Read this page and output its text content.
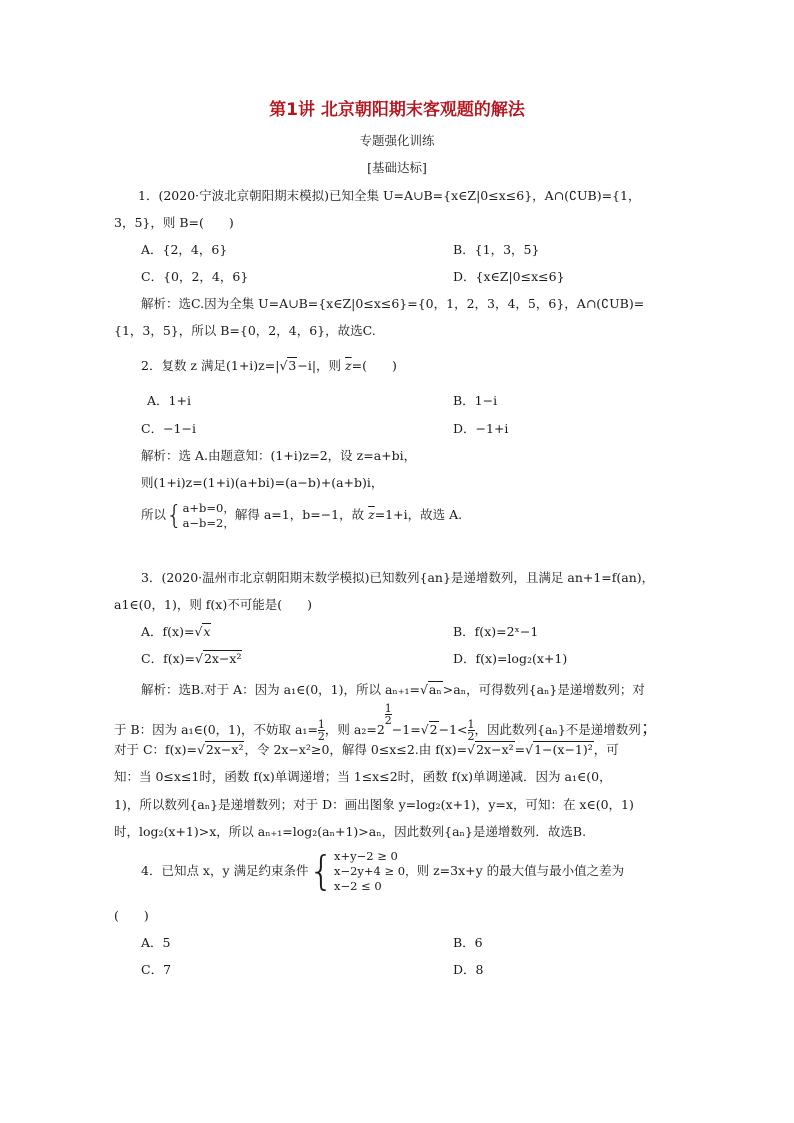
第1讲 北京朝阳期末客观题的解法
专题强化训练
[基础达标]
1．(2020·宁波北京朝阳期末模拟)已知全集 U=A∪B={x∈Z|0≤x≤6}，A∩(∁UB)={1，
3，5}，则 B=(　　)
A．{2，4，6}	B．{1，3，5}
C．{0，2，4，6}	D．{x∈Z|0≤x≤6}
解析：选C.因为全集 U=A∪B={x∈Z|0≤x≤6}={0，1，2，3，4，5，6}，A∩(∁UB)=
{1，3，5}，所以 B={0，2，4，6}，故选C.
2．复数 z 满足(1+i)z=|√3−i|，则 $\overline{z}=$(　　)
A．1+i	B．1−i
C．−1−i	D．−1+i
解析：选 A.由题意知：(1+i)z=2，设 z=a+bi，
则(1+i)z=(1+i)(a+bi)=(a−b)+(a+b)i，
所以{ a+b=0，
a−b=2，
解得 a=1，b=−1，故 $\overline{z}=1+i$，故选 A.
3．(2020·温州市北京朝阳期末数学模拟)已知数列{an}是递增数列，且满足 an+1=f(an)，
a1∈(0，1)，则 f(x)不可能是(　　)
A．f(x)=√x	B．f(x)=2ˣ−1
C．f(x)=√2x−x²	D．f(x)=log₂(x+1)
解析：选B.对于 A：因为 a₁∈(0，1)，所以 aₙ₊₁=√aₙ>aₙ，可得数列{aₙ}是递增数列；对
于 B：因为 a₁∈(0，1)，不妨取 $a_1= \frac{1}{2}$ ，则 a₂=2
$\frac{1}{2}$
$-1=√2-1< \frac{1}{2}$ ，因此数列{aₙ}不是递增数列；
对于 C：f(x)=√2x−x²，令 2x−x²≥0，解得 0≤x≤2.由 f(x)=√2x−x²=√1−(x−1)²，可
知：当 0≤x≤1时，函数 f(x)单调递增；当 1≤x≤2时，函数 f(x)单调递减．因为 a₁∈(0，
1)，所以数列{aₙ}是递增数列；对于 D：画出图象 y=log₂(x+1)，y=x，可知：在 x∈(0，1)
时，log₂(x+1)>x，所以 aₙ₊₁=log₂(aₙ+1)>aₙ，因此数列{aₙ}是递增数列．故选B.
4．已知点 x，y 满足约束条件{ x+y−2 ≥ 0
x−2y+4 ≥ 0，
x−2 ≤ 0
则 z=3x+y 的最大值与最小值之差为
(　　)
A．5	B．6
C．7	D．8
